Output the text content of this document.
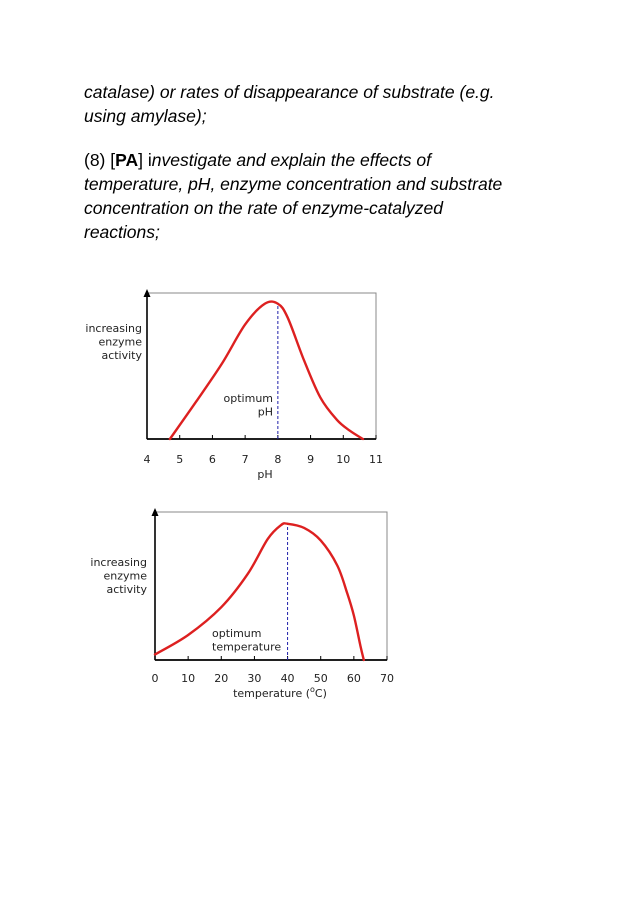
catalase) or rates of disappearance of substrate (e.g.
using amylase);

(8) [PA] investigate and explain the effects of
temperature, pH, enzyme concentration and substrate
concentration on the rate of enzyme-catalyzed
reactions;

4 5 6 7 8 9 10 11
pH
increasing
enzyme
activity
optimum
pH
0 10 20 30 40 50 60 70
temperature ($^o$C)
increasing
enzyme
activity
optimum
temperature
